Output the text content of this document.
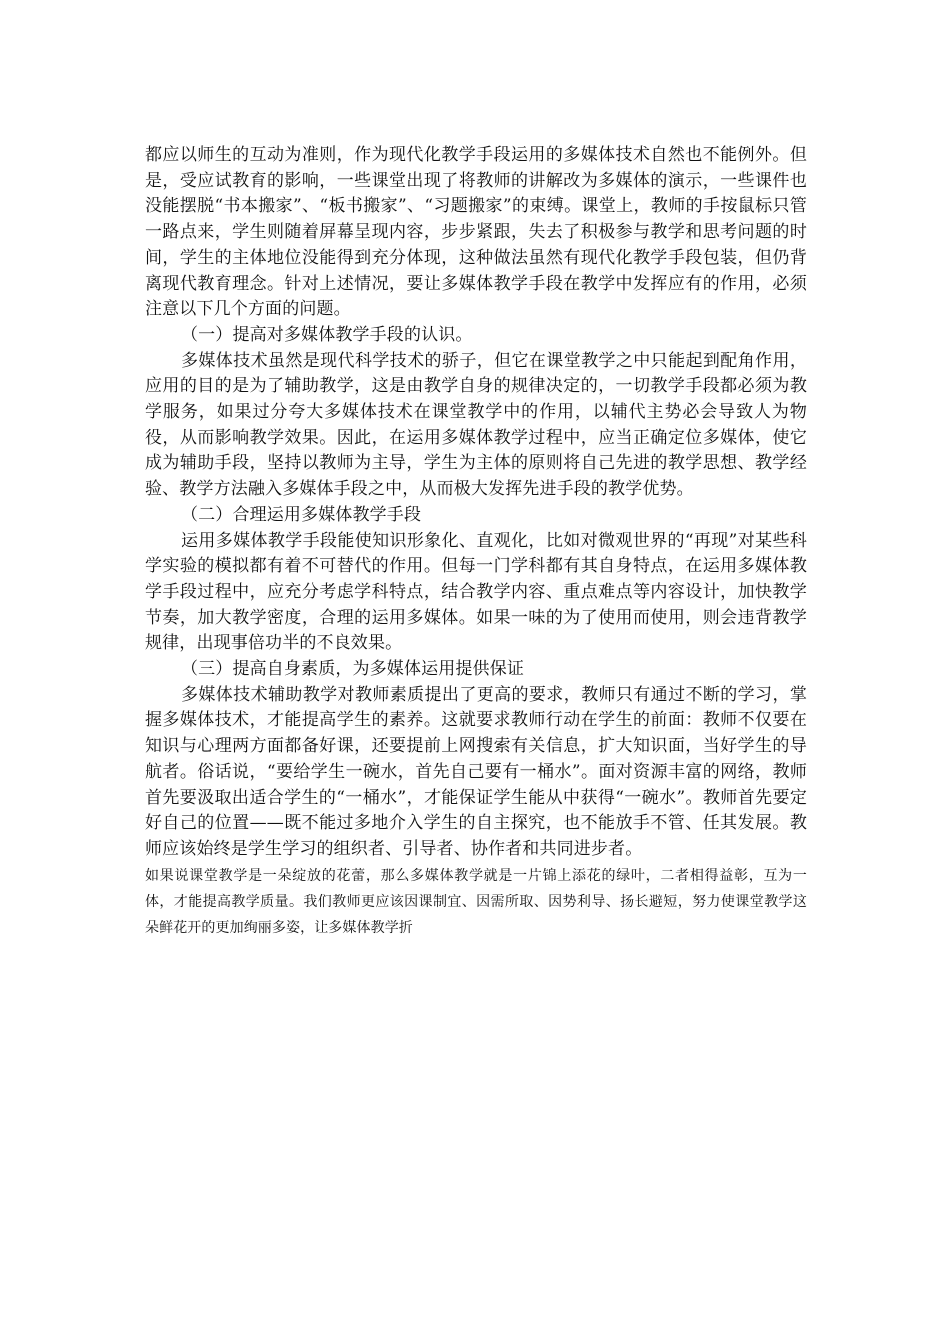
都应以师生的互动为准则，作为现代化教学手段运用的多媒体技术自然也不能例外。但是，受应试教育的影响，一些课堂出现了将教师的讲解改为多媒体的演示，一些课件也没能摆脱“书本搬家”、“板书搬家”、“习题搬家”的束缚。课堂上，教师的手按鼠标只管一路点来，学生则随着屏幕呈现内容，步步紧跟，失去了积极参与教学和思考问题的时间，学生的主体地位没能得到充分体现，这种做法虽然有现代化教学手段包装，但仍背离现代教育理念。针对上述情况，要让多媒体教学手段在教学中发挥应有的作用，必须注意以下几个方面的问题。

（一）提高对多媒体教学手段的认识。

多媒体技术虽然是现代科学技术的骄子，但它在课堂教学之中只能起到配角作用，应用的目的是为了辅助教学，这是由教学自身的规律决定的，一切教学手段都必须为教学服务，如果过分夸大多媒体技术在课堂教学中的作用，以辅代主势必会导致人为物役，从而影响教学效果。因此，在运用多媒体教学过程中，应当正确定位多媒体，使它成为辅助手段，坚持以教师为主导，学生为主体的原则将自己先进的教学思想、教学经验、教学方法融入多媒体手段之中，从而极大发挥先进手段的教学优势。

（二）合理运用多媒体教学手段

运用多媒体教学手段能使知识形象化、直观化，比如对微观世界的“再现”对某些科学实验的模拟都有着不可替代的作用。但每一门学科都有其自身特点，在运用多媒体教学手段过程中，应充分考虑学科特点，结合教学内容、重点难点等内容设计，加快教学节奏，加大教学密度，合理的运用多媒体。如果一味的为了使用而使用，则会违背教学规律，出现事倍功半的不良效果。

（三）提高自身素质，为多媒体运用提供保证

多媒体技术辅助教学对教师素质提出了更高的要求，教师只有通过不断的学习，掌握多媒体技术，才能提高学生的素养。这就要求教师行动在学生的前面：教师不仅要在知识与心理两方面都备好课，还要提前上网搜索有关信息，扩大知识面，当好学生的导航者。俗话说，“要给学生一碗水，首先自己要有一桶水”。面对资源丰富的网络，教师首先要汲取出适合学生的“一桶水”，才能保证学生能从中获得“一碗水”。教师首先要定好自己的位置——既不能过多地介入学生的自主探究，也不能放手不管、任其发展。教师应该始终是学生学习的组织者、引导者、协作者和共同进步者。

如果说课堂教学是一朵绽放的花蕾，那么多媒体教学就是一片锦上添花的绿叶，二者相得益彰，互为一体，才能提高教学质量。我们教师更应该因课制宜、因需所取、因势利导、扬长避短，努力使课堂教学这朵鲜花开的更加绚丽多姿，让多媒体教学折
